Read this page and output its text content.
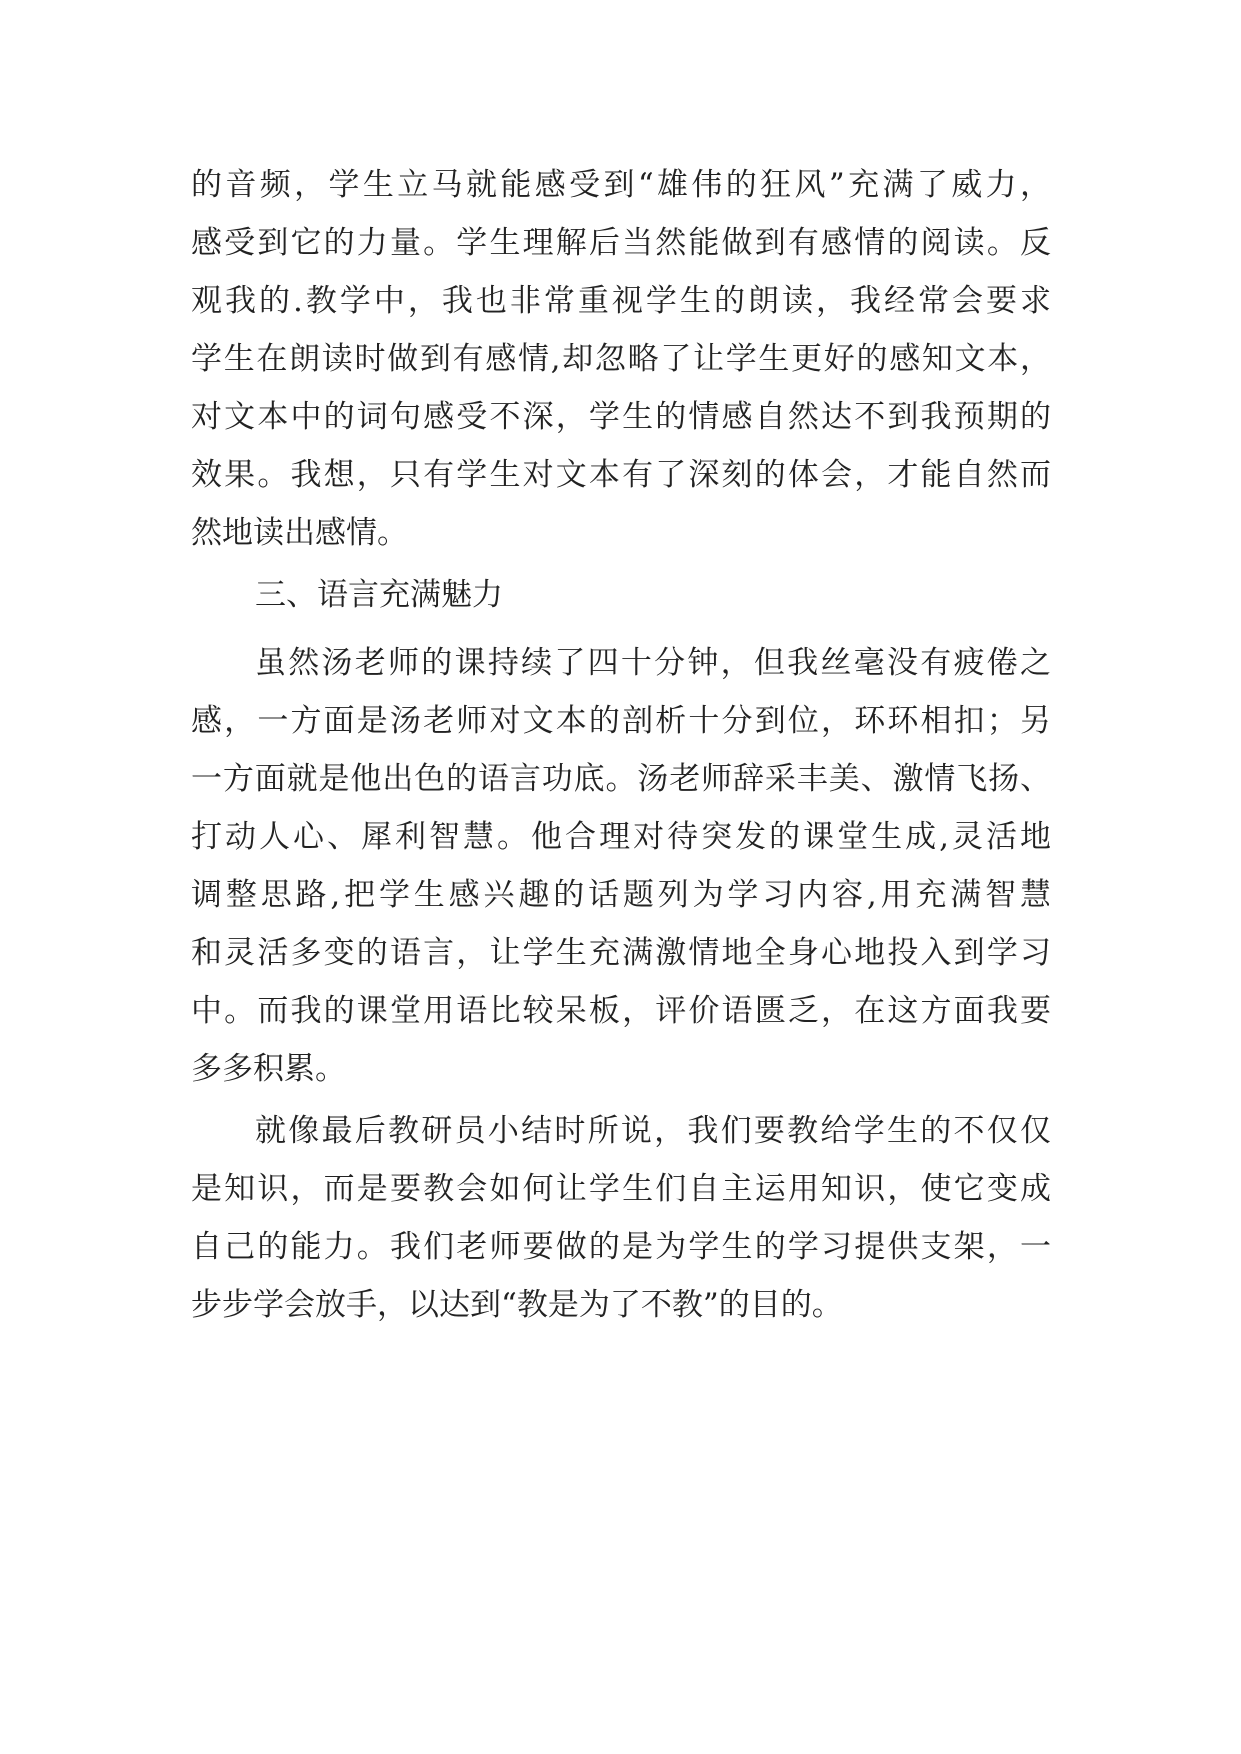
的音频，学生立马就能感受到“雄伟的狂风”充满了威力，
感受到它的力量。学生理解后当然能做到有感情的阅读。反
观我的.教学中，我也非常重视学生的朗读，我经常会要求
学生在朗读时做到有感情,却忽略了让学生更好的感知文本，
对文本中的词句感受不深，学生的情感自然达不到我预期的
效果。我想，只有学生对文本有了深刻的体会，才能自然而
然地读出感情。
三、语言充满魅力
虽然汤老师的课持续了四十分钟，但我丝毫没有疲倦之
感，一方面是汤老师对文本的剖析十分到位，环环相扣；另
一方面就是他出色的语言功底。汤老师辞采丰美、激情飞扬、
打动人心、犀利智慧。他合理对待突发的课堂生成,灵活地
调整思路,把学生感兴趣的话题列为学习内容,用充满智慧
和灵活多变的语言，让学生充满激情地全身心地投入到学习
中。而我的课堂用语比较呆板，评价语匮乏，在这方面我要
多多积累。
就像最后教研员小结时所说，我们要教给学生的不仅仅
是知识，而是要教会如何让学生们自主运用知识，使它变成
自己的能力。我们老师要做的是为学生的学习提供支架，一
步步学会放手，以达到“教是为了不教”的目的。
